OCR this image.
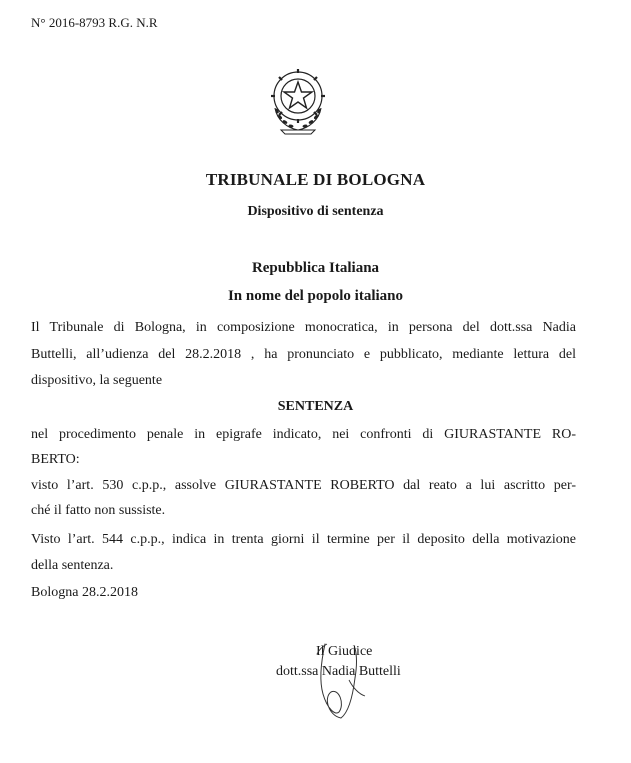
N° 2016-8793 R.G. N.R
TRIBUNALE DI BOLOGNA
Dispositivo di sentenza
Repubblica Italiana
In nome del popolo italiano
Il Tribunale di Bologna, in composizione monocratica, in persona del dott.ssa Nadia
Buttelli, all’udienza del 28.2.2018 , ha pronunciato e pubblicato, mediante lettura del
dispositivo, la seguente
SENTENZA
nel procedimento penale in epigrafe indicato, nei confronti di GIURASTANTE RO-
BERTO:
visto l’art. 530 c.p.p., assolve GIURASTANTE ROBERTO dal reato a lui ascritto per-
ché il fatto non sussiste.
Visto l’art. 544 c.p.p., indica in trenta giorni il termine per il deposito della motivazione
della sentenza.
Bologna 28.2.2018
Il Giudice
dott.ssa Nadia Buttelli
